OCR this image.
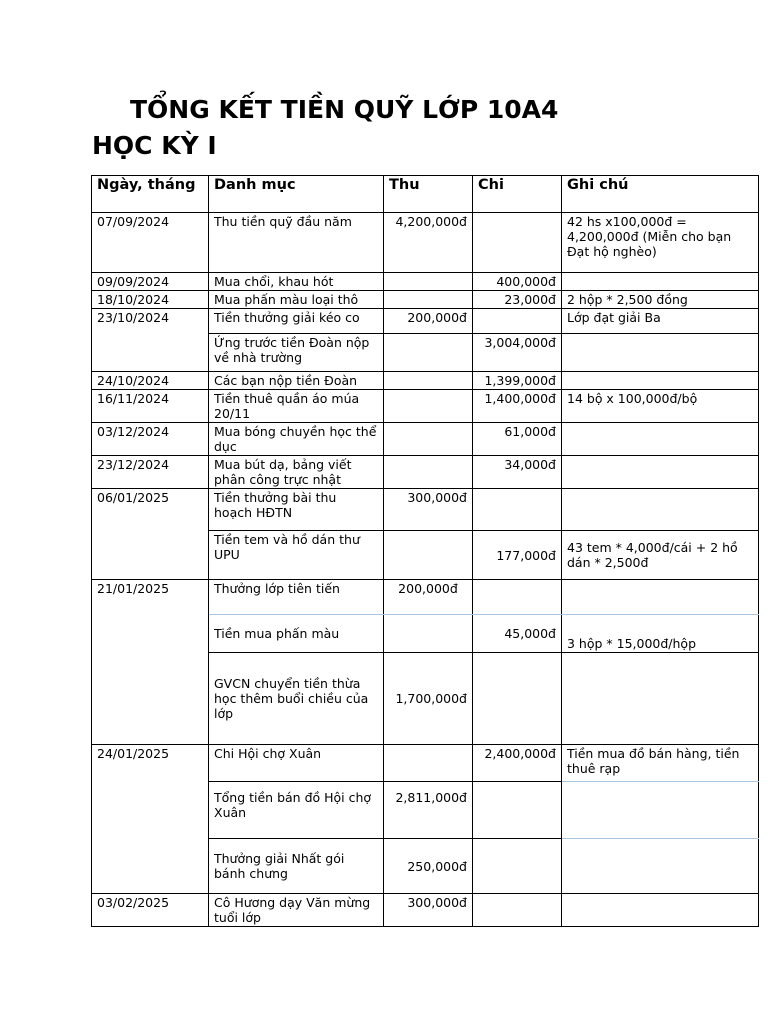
TỔNG KẾT TIỀN QUỸ LỚP 10A4
HỌC KỲ I
Ngày, tháng	Danh mục	Thu	Chi	Ghi chú
07/09/2024	Thu tiền quỹ đầu năm	4,200,000đ		42 hs x100,000đ = 4,200,000đ (Miễn cho bạn Đạt hộ nghèo)
09/09/2024	Mua chổi, khau hót		400,000đ	
18/10/2024	Mua phấn màu loại thô		23,000đ	2 hộp * 2,500 đồng
23/10/2024	Tiền thưởng giải kéo co	200,000đ		Lớp đạt giải Ba
	Ứng trước tiền Đoàn nộp về nhà trường		3,004,000đ	
24/10/2024	Các bạn nộp tiền Đoàn		1,399,000đ	
16/11/2024	Tiền thuê quần áo múa 20/11		1,400,000đ	14 bộ x 100,000đ/bộ
03/12/2024	Mua bóng chuyền học thể dục		61,000đ	
23/12/2024	Mua bút dạ, bảng viết phân công trực nhật		34,000đ	
06/01/2025	Tiền thưởng bài thu hoạch HĐTN	300,000đ		
	Tiền tem và hồ dán thư UPU		177,000đ	43 tem * 4,000đ/cái + 2 hồ dán * 2,500đ
21/01/2025	Thưởng lớp tiên tiến	200,000đ		
	Tiền mua phấn màu		45,000đ	3 hộp * 15,000đ/hộp
	GVCN chuyển tiền thừa học thêm buổi chiều của lớp	1,700,000đ		
24/01/2025	Chi Hội chợ Xuân		2,400,000đ	Tiền mua đồ bán hàng, tiền thuê rạp
	Tổng tiền bán đồ Hội chợ Xuân	2,811,000đ		
	Thưởng giải Nhất gói bánh chưng	250,000đ		
03/02/2025	Cô Hương dạy Văn mừng tuổi lớp	300,000đ		
